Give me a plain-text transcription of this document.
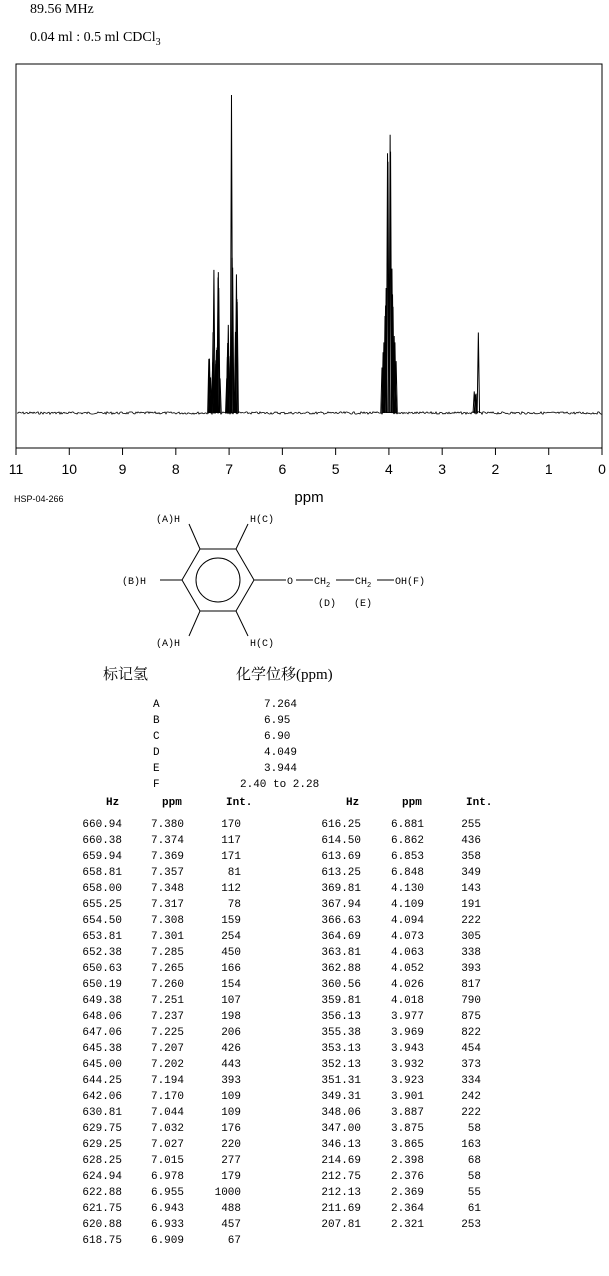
89.56 MHz
0.04 ml : 0.5 ml CDCl$_3$
11	10	9	8	7	6	5	4	3	2	1	0
ppm
HSP-04-266
(A)H	H(C)
(B)H	O $CH_2$ $CH_2$ OH(F)
(D) (E)
(A)H	H(C)
标记氢	化学位移(ppm)
A	7.264
B	6.95
C	6.90
D	4.049
E	3.944
F	2.40 to 2.28
Hz	ppm	Int.	Hz	ppm	Int.
660.94	7.380	170
660.38	7.374	117
659.94	7.369	171
658.81	7.357	81
658.00	7.348	112
655.25	7.317	78
654.50	7.308	159
653.81	7.301	254
652.38	7.285	450
650.63	7.265	166
650.19	7.260	154
649.38	7.251	107
648.06	7.237	198
647.06	7.225	206
645.38	7.207	426
645.00	7.202	443
644.25	7.194	393
642.06	7.170	109
630.81	7.044	109
629.75	7.032	176
629.25	7.027	220
628.25	7.015	277
624.94	6.978	179
622.88	6.955	1000
621.75	6.943	488
620.88	6.933	457
618.75	6.909	67
616.25	6.881	255
614.50	6.862	436
613.69	6.853	358
613.25	6.848	349
369.81	4.130	143
367.94	4.109	191
366.63	4.094	222
364.69	4.073	305
363.81	4.063	338
362.88	4.052	393
360.56	4.026	817
359.81	4.018	790
356.13	3.977	875
355.38	3.969	822
353.13	3.943	454
352.13	3.932	373
351.31	3.923	334
349.31	3.901	242
348.06	3.887	222
347.00	3.875	58
346.13	3.865	163
214.69	2.398	68
212.75	2.376	58
212.13	2.369	55
211.69	2.364	61
207.81	2.321	253
